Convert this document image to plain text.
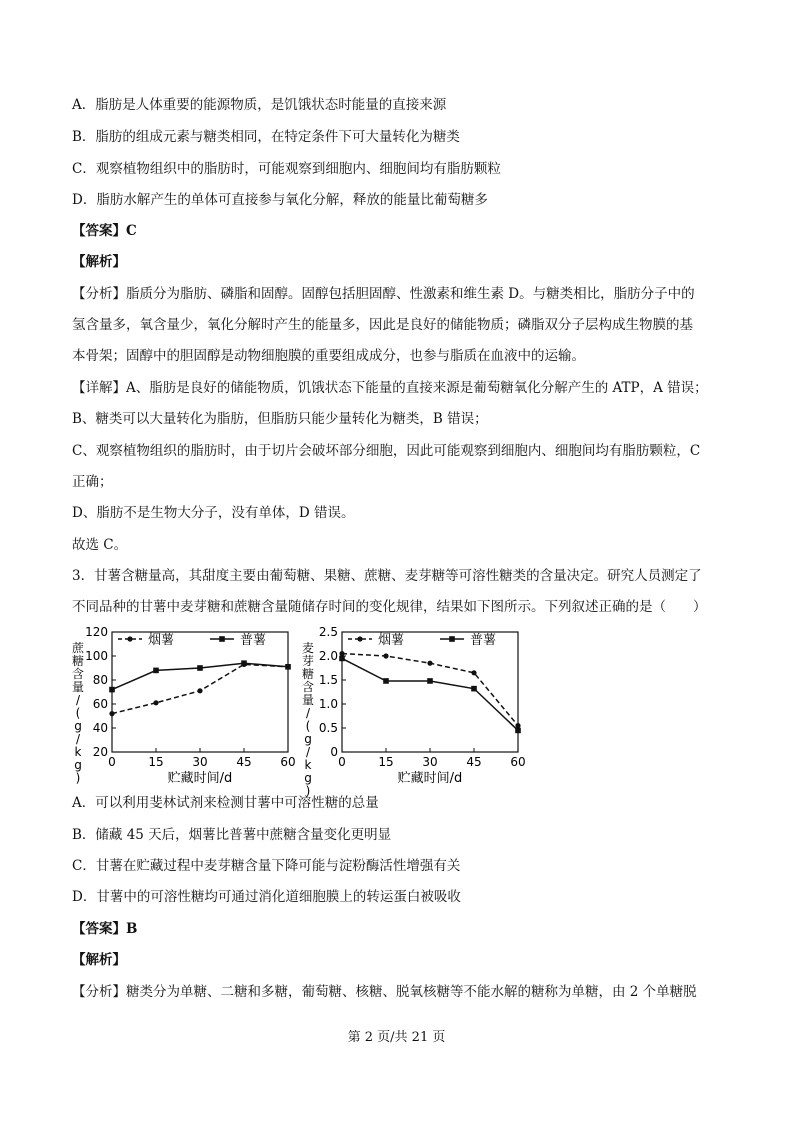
A．脂肪是人体重要的能源物质，是饥饿状态时能量的直接来源
B．脂肪的组成元素与糖类相同，在特定条件下可大量转化为糖类
C．观察植物组织中的脂肪时，可能观察到细胞内、细胞间均有脂肪颗粒
D．脂肪水解产生的单体可直接参与氧化分解，释放的能量比葡萄糖多
【答案】C
【解析】
【分析】脂质分为脂肪、磷脂和固醇。固醇包括胆固醇、性激素和维生素 D。与糖类相比，脂肪分子中的
氢含量多，氧含量少，氧化分解时产生的能量多，因此是良好的储能物质；磷脂双分子层构成生物膜的基
本骨架；固醇中的胆固醇是动物细胞膜的重要组成成分，也参与脂质在血液中的运输。
【详解】A、脂肪是良好的储能物质，饥饿状态下能量的直接来源是葡萄糖氧化分解产生的 ATP，A 错误；
B、糖类可以大量转化为脂肪，但脂肪只能少量转化为糖类，B 错误；
C、观察植物组织的脂肪时，由于切片会破坏部分细胞，因此可能观察到细胞内、细胞间均有脂肪颗粒，C
正确；
D、脂肪不是生物大分子，没有单体，D 错误。
故选 C。
3．甘薯含糖量高，其甜度主要由葡萄糖、果糖、蔗糖、麦芽糖等可溶性糖类的含量决定。研究人员测定了
不同品种的甘薯中麦芽糖和蔗糖含量随储存时间的变化规律，结果如下图所示。下列叙述正确的是（　　）
20
40
60
80
100
120
0	15 30 45 60
贮藏时间/d
蔗糖含量/ ( g / k g )
烟薯	普薯
0
0.5
1.0
1.5
2.0
2.5
0	15 30 45 60
贮藏时间/d
麦芽糖含量/ ( g / k g )
烟薯	普薯
A．可以利用斐林试剂来检测甘薯中可溶性糖的总量
B．储藏 45 天后，烟薯比普薯中蔗糖含量变化更明显
C．甘薯在贮藏过程中麦芽糖含量下降可能与淀粉酶活性增强有关
D．甘薯中的可溶性糖均可通过消化道细胞膜上的转运蛋白被吸收
【答案】B
【解析】
【分析】糖类分为单糖、二糖和多糖，葡萄糖、核糖、脱氧核糖等不能水解的糖称为单糖，由 2 个单糖脱
第 2 页/共 21 页
